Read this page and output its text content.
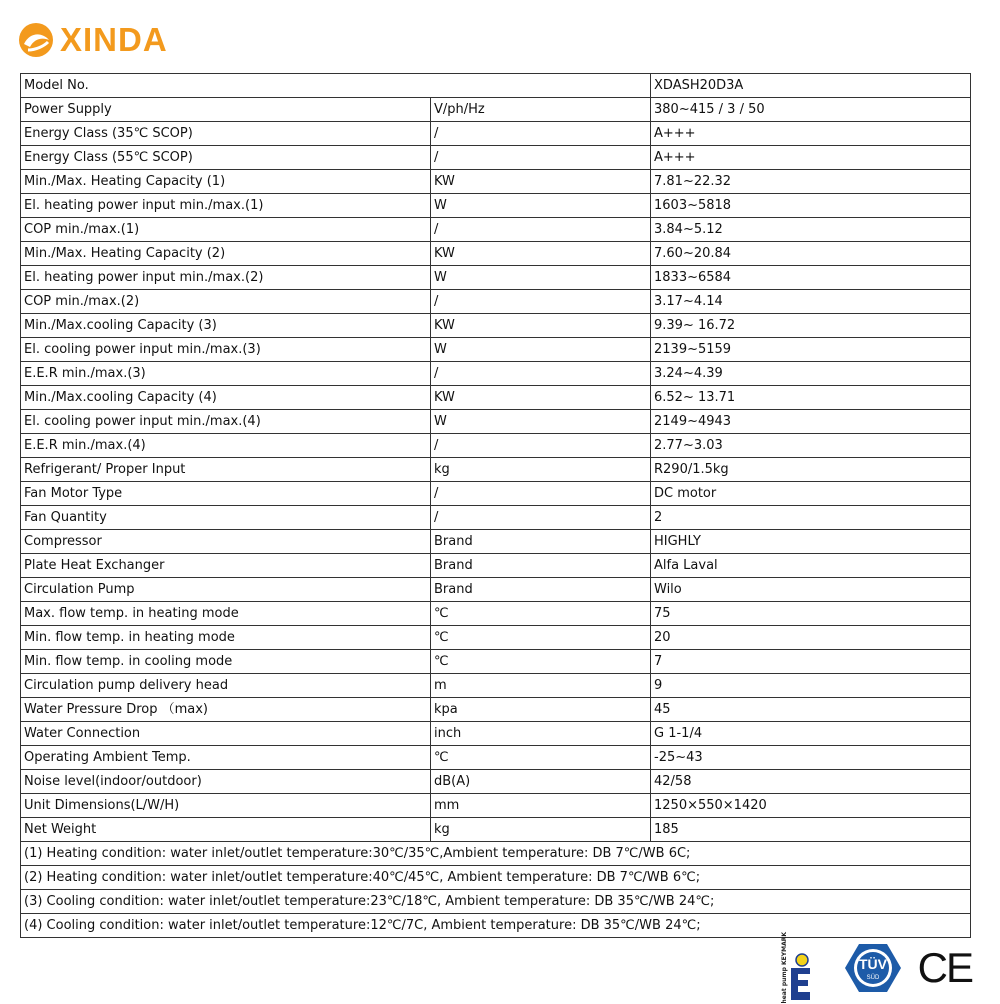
XINDA
Model No.		XDASH20D3A
Power Supply	V/ph/Hz	380~415 / 3 / 50
Energy Class (35℃ SCOP)	/	A+++
Energy Class (55℃ SCOP)	/	A+++
Min./Max. Heating Capacity (1)	KW	7.81~22.32
El. heating power input min./max.(1)	W	1603~5818
COP min./max.(1)	/	3.84~5.12
Min./Max. Heating Capacity (2)	KW	7.60~20.84
El. heating power input min./max.(2)	W	1833~6584
COP min./max.(2)	/	3.17~4.14
Min./Max.cooling Capacity (3)	KW	9.39~ 16.72
El. cooling power input min./max.(3)	W	2139~5159
E.E.R min./max.(3)	/	3.24~4.39
Min./Max.cooling Capacity (4)	KW	6.52~ 13.71
El. cooling power input min./max.(4)	W	2149~4943
E.E.R min./max.(4)	/	2.77~3.03
Refrigerant/ Proper Input	kg	R290/1.5kg
Fan Motor Type	/	DC motor
Fan Quantity	/	2
Compressor	Brand	HIGHLY
Plate Heat Exchanger	Brand	Alfa Laval
Circulation Pump	Brand	Wilo
Max. flow temp. in heating mode	℃	75
Min. flow temp. in heating mode	℃	20
Min. flow temp. in cooling mode	℃	7
Circulation pump delivery head	m	9
Water Pressure Drop （max)	kpa	45
Water Connection	inch	G 1-1/4
Operating Ambient Temp.	℃	-25~43
Noise level(indoor/outdoor)	dB(A)	42/58
Unit Dimensions(L/W/H)	mm	1250×550×1420
Net Weight	kg	185
(1) Heating condition: water inlet/outlet temperature:30℃/35℃,Ambient temperature: DB 7℃/WB 6C;		
(2) Heating condition: water inlet/outlet temperature:40℃/45℃, Ambient temperature: DB 7℃/WB 6℃;		
(3) Cooling condition: water inlet/outlet temperature:23℃/18℃, Ambient temperature: DB 35℃/WB 24℃;		
(4) Cooling condition: water inlet/outlet temperature:12℃/7C, Ambient temperature: DB 35℃/WB 24℃;		
heat pump KEYMARK	TÜV
SÜD CE
